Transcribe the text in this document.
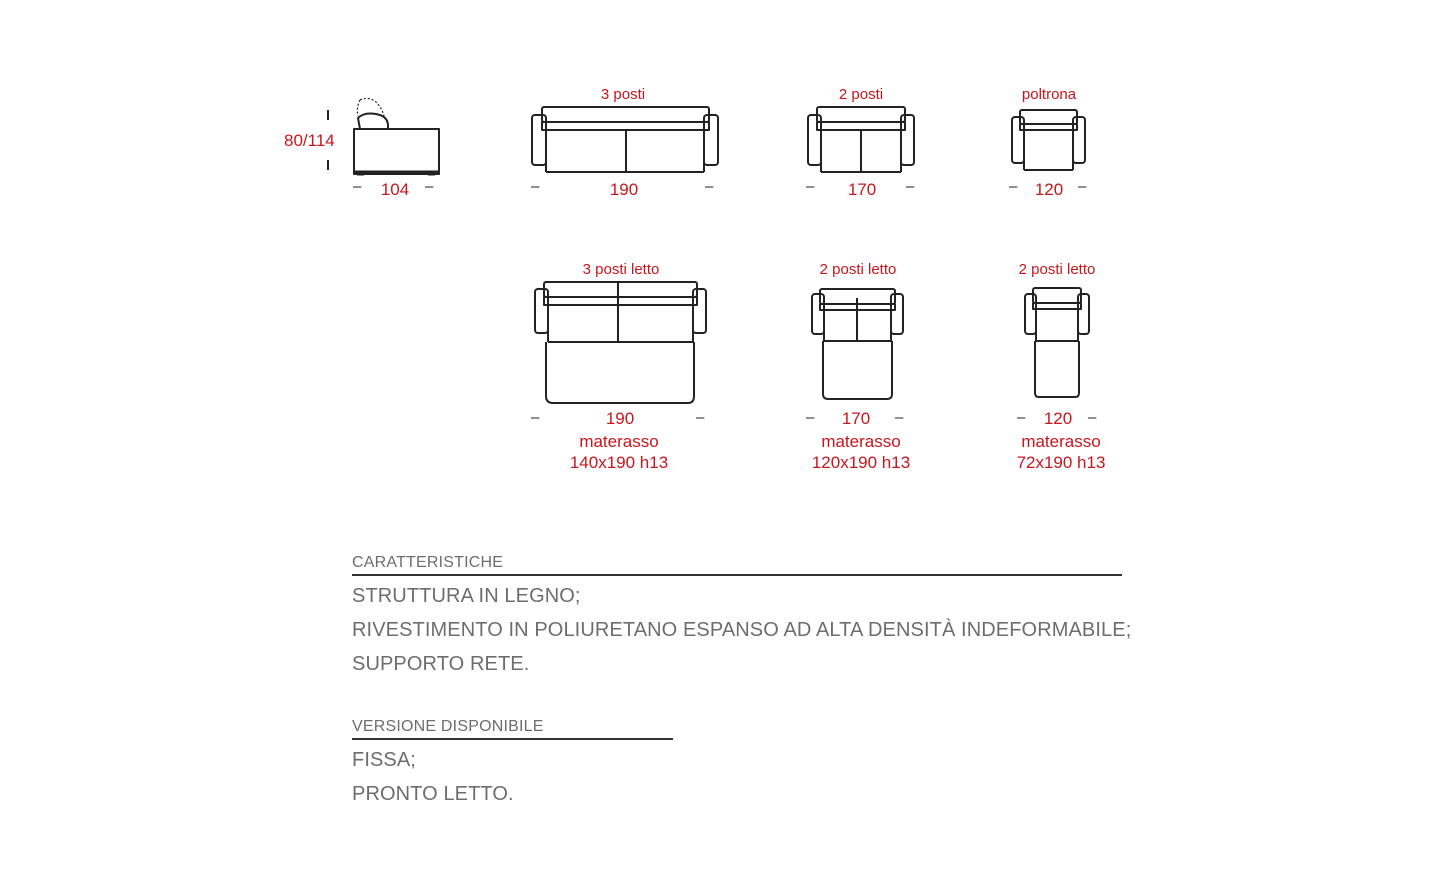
80/114
– 104 –
3 posti	2 posti	poltrona
–	190	–	– 170 –	– 120 –
3 posti letto	2 posti letto	2 posti letto
–	190	–
materasso
140x190 h13
– 170 –
materasso
120x190 h13
– 120 –
materasso
72x190 h13
CARATTERISTICHE
STRUTTURA IN LEGNO;
RIVESTIMENTO IN POLIURETANO ESPANSO AD ALTA DENSITÀ INDEFORMABILE;
SUPPORTO RETE.
VERSIONE DISPONIBILE
FISSA;
PRONTO LETTO.
